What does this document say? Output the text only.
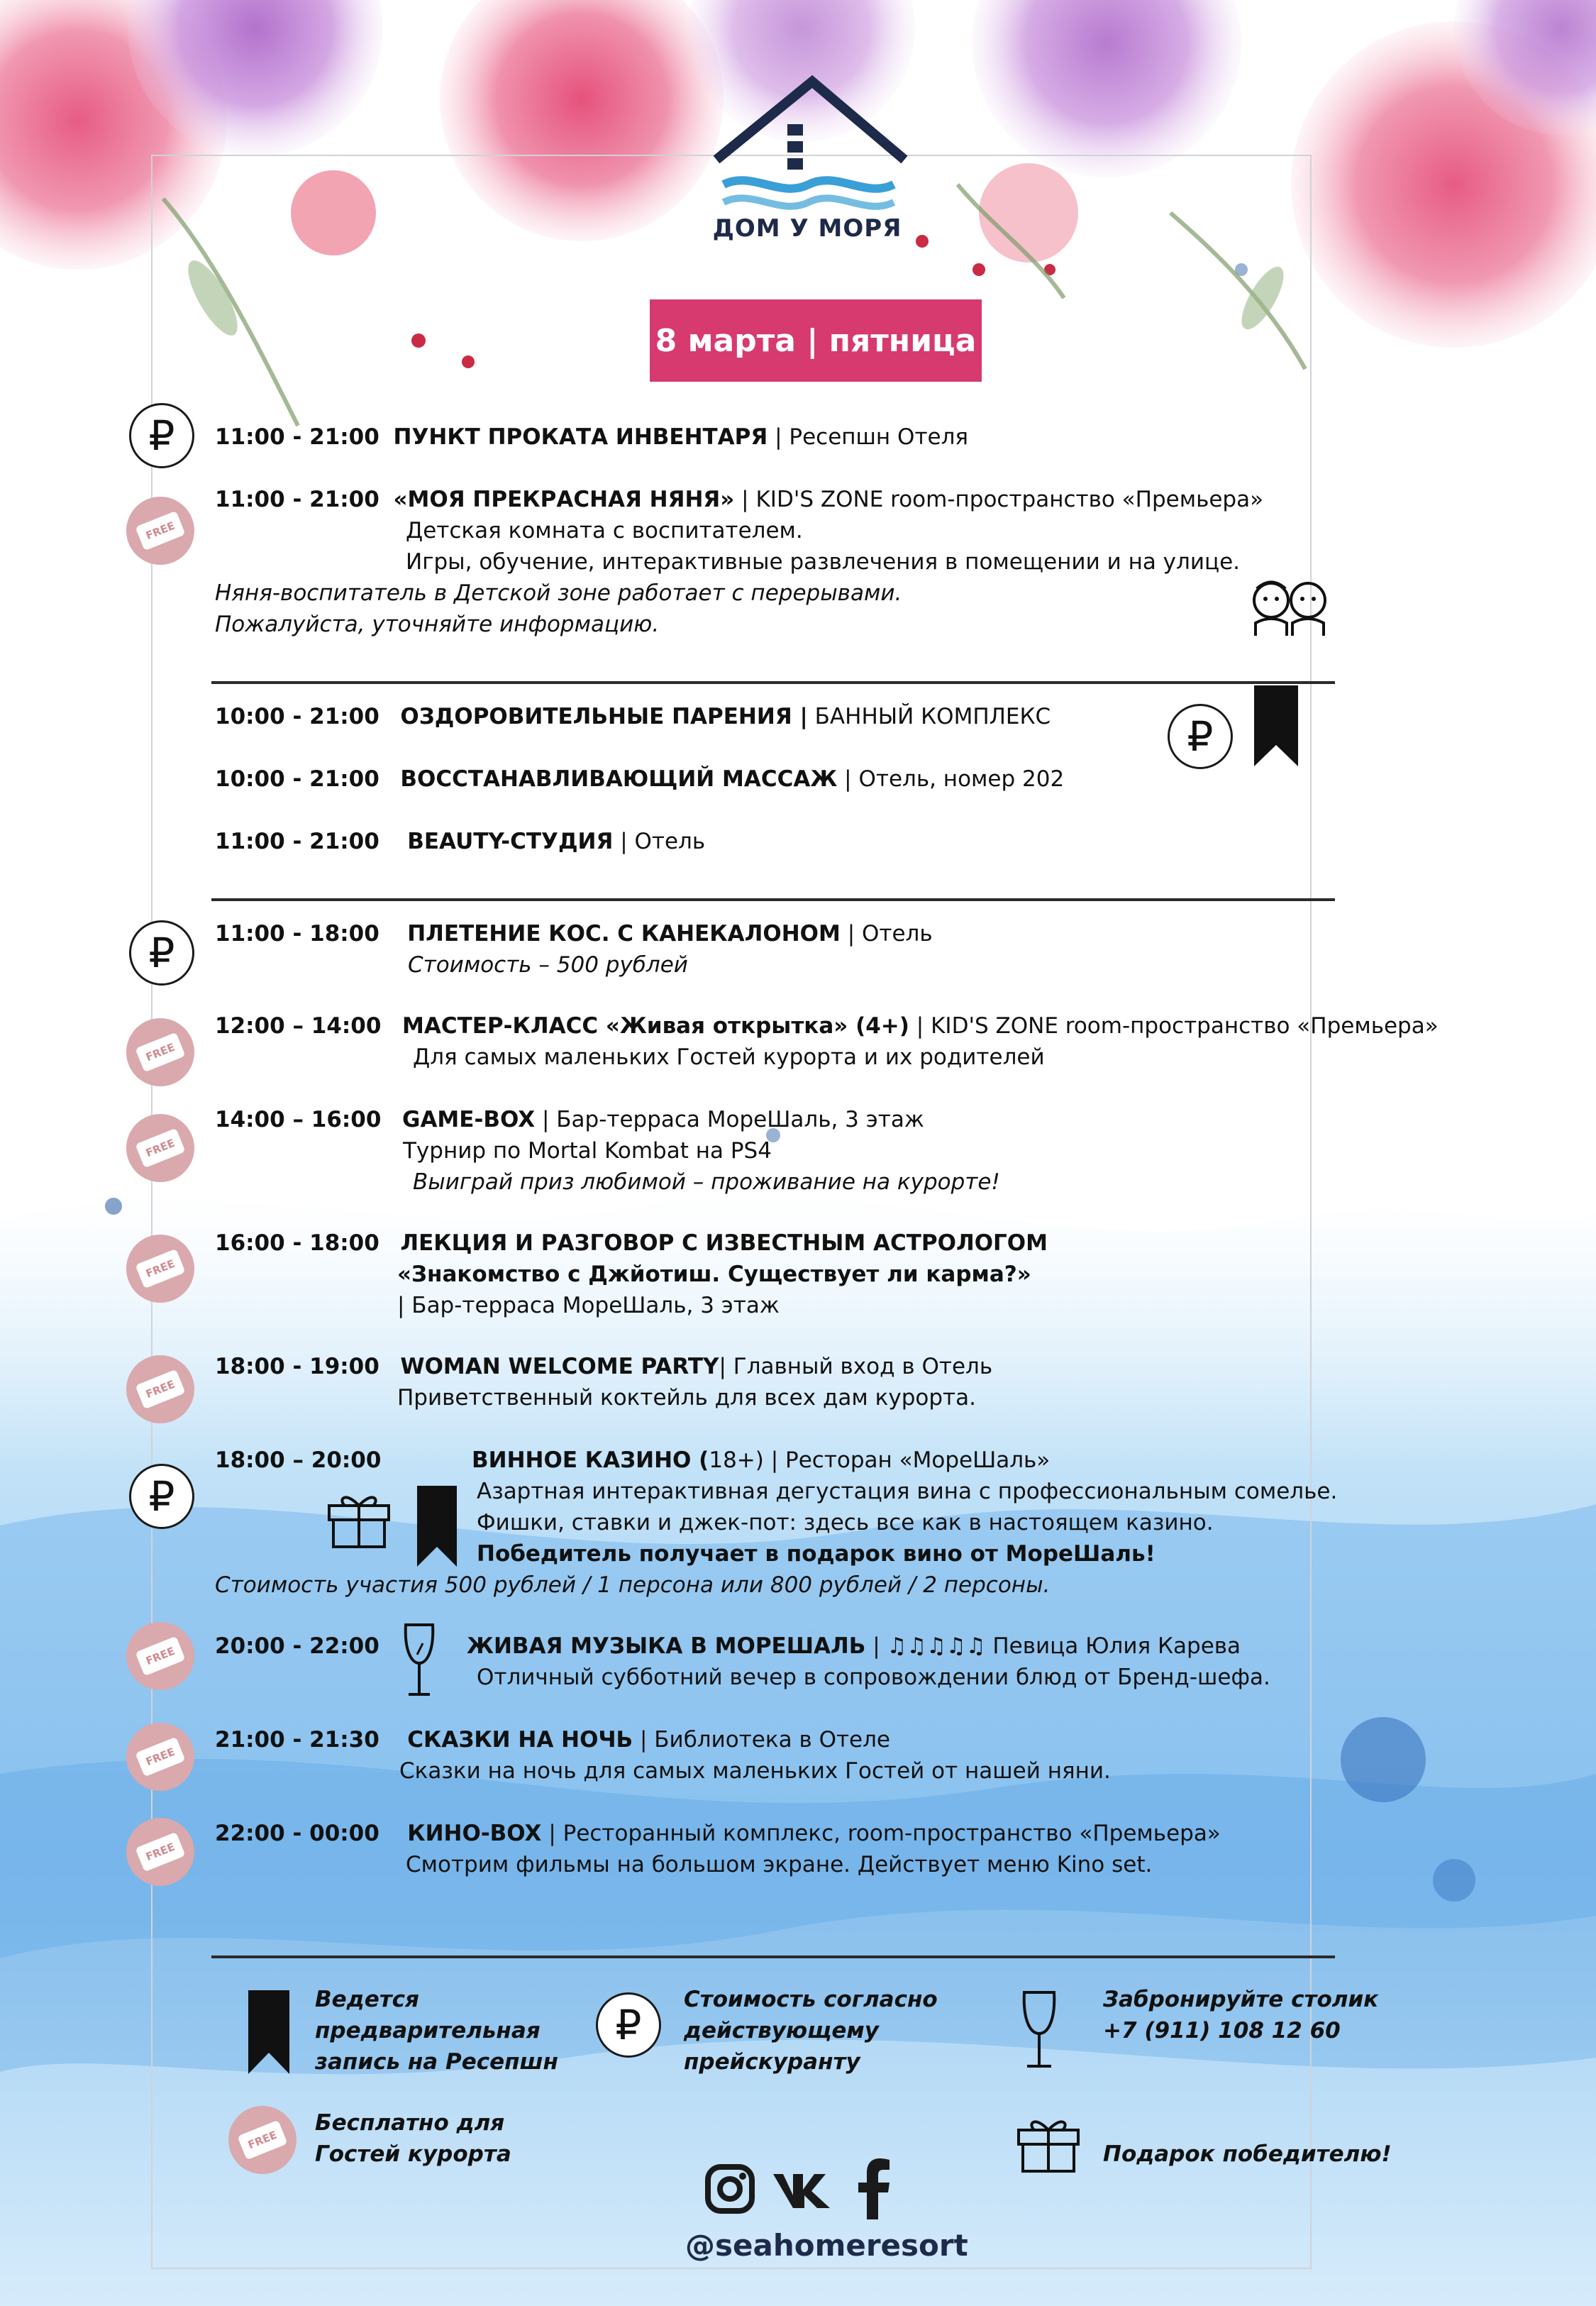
ДОМ У МОРЯ
8 марта | пятница
₽
FREE
₽
FREE
FREE
FREE
FREE
₽
FREE
FREE
FREE
11:00 - 21:00 ПУНКТ ПРОКАТА ИНВЕНТАРЯ | Ресепшн Отеля
11:00 - 21:00 «МОЯ ПРЕКРАСНАЯ НЯНЯ» | KID'S ZONE room-пространство «Премьера»
Детская комната с воспитателем.
Игры, обучение, интерактивные развлечения в помещении и на улице.
Няня-воспитатель в Детской зоне работает с перерывами.
Пожалуйста, уточняйте информацию.
10:00 - 21:00 ОЗДОРОВИТЕЛЬНЫЕ ПАРЕНИЯ | БАННЫЙ КОМПЛЕКС
10:00 - 21:00 ВОССТАНАВЛИВАЮЩИЙ МАССАЖ | Отель, номер 202
11:00 - 21:00 BEAUTY-СТУДИЯ | Отель
₽
11:00 - 18:00 ПЛЕТЕНИЕ КОС. С КАНЕКАЛОНОМ | Отель
Стоимость – 500 рублей
12:00 – 14:00 МАСТЕР-КЛАСС «Живая открытка» (4+) | KID'S ZONE room-пространство «Премьера»
Для самых маленьких Гостей курорта и их родителей
14:00 – 16:00 GAME-BOX | Бар-терраса МореШаль, 3 этаж
Турнир по Mortal Kombat на PS4
Выиграй приз любимой – проживание на курорте!
16:00 - 18:00 ЛЕКЦИЯ И РАЗГОВОР С ИЗВЕСТНЫМ АСТРОЛОГОМ
«Знакомство с Джйотиш. Существует ли карма?»
| Бар-терраса МореШаль, 3 этаж
18:00 - 19:00 WOMAN WELCOME PARTY| Главный вход в Отель
Приветственный коктейль для всех дам курорта.
18:00 – 20:00	ВИННОЕ КАЗИНО (18+) | Ресторан «МореШаль»
Азартная интерактивная дегустация вина с профессиональным сомелье.
Фишки, ставки и джек-пот: здесь все как в настоящем казино.
Победитель получает в подарок вино от МореШаль!
Стоимость участия 500 рублей / 1 персона или 800 рублей / 2 персоны.
20:00 - 22:00	ЖИВАЯ МУЗЫКА В МОРЕШАЛЬ | ♫♫♫♫♫ Певица Юлия Карева
Отличный субботний вечер в сопровождении блюд от Бренд-шефа.
21:00 - 21:30 СКАЗКИ НА НОЧЬ | Библиотека в Отеле
Сказки на ночь для самых маленьких Гостей от нашей няни.
22:00 - 00:00 КИНО-BOX | Ресторанный комплекс, room-пространство «Премьера»
Смотрим фильмы на большом экране. Действует меню Kino set.
Ведется
предварительная
запись на Ресепшн
₽
Стоимость согласно
действующему
прейскуранту
Забронируйте столик
+7 (911) 108 12 60
FREE
Бесплатно для
Гостей курорта	Подарок победителю!
@seahomeresort
